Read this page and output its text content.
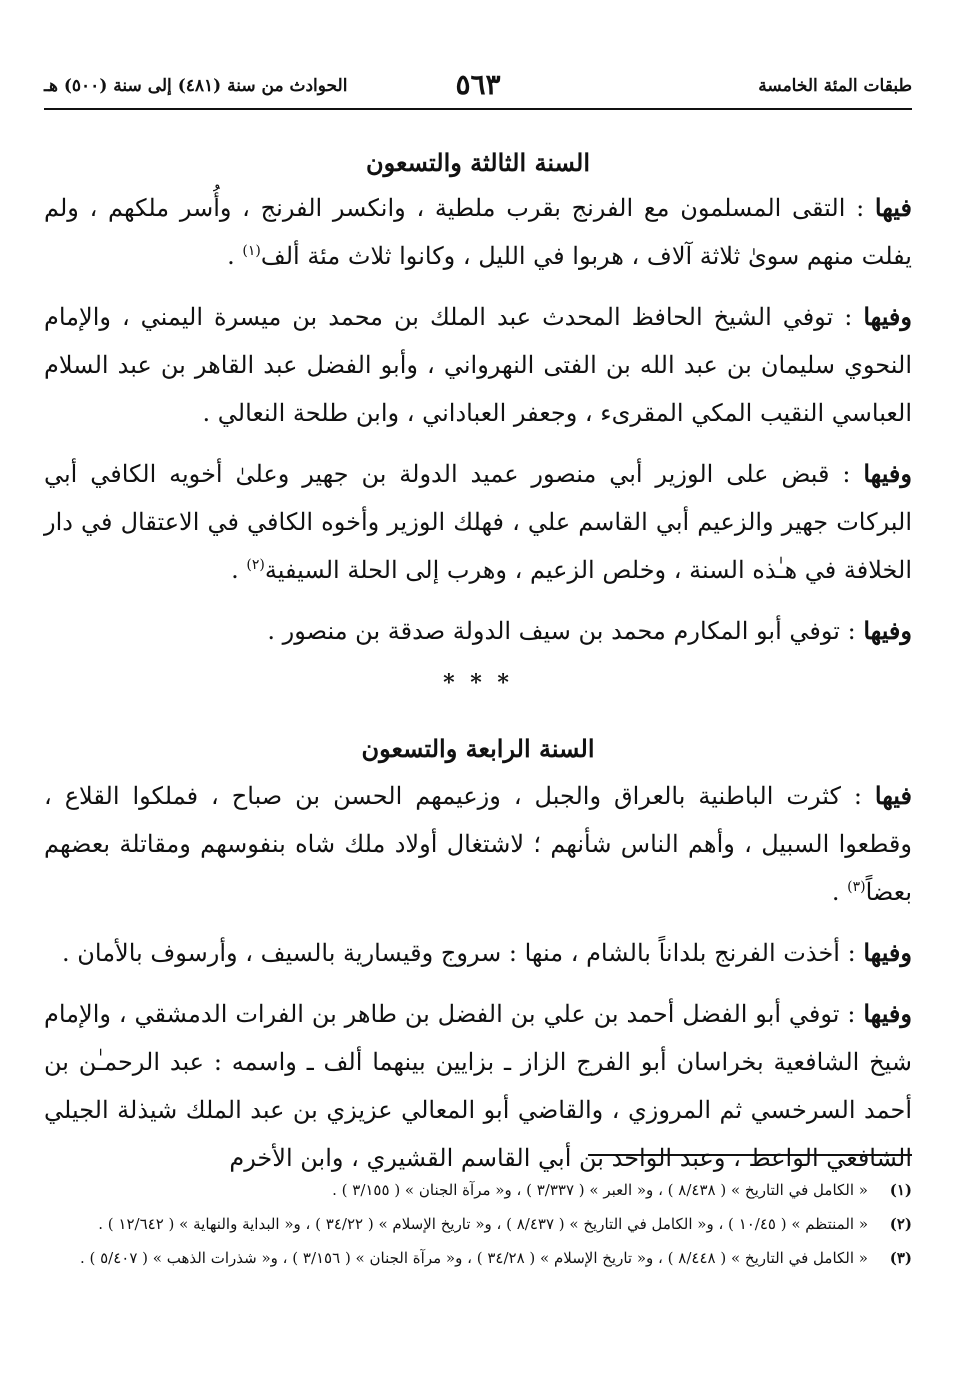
طبقات المئة الخامسة
٥٦٣
الحوادث من سنة (٤٨١) إلى سنة (٥٠٠) هـ
السنة الثالثة والتسعون

فيها : التقى المسلمون مع الفرنج بقرب ملطية ، وانكسر الفرنج ، وأُسر ملكهم ، ولم يفلت منهم سوىٰ ثلاثة آلاف ، هربوا في الليل ، وكانوا ثلاث مئة ألف$^{(١)}$ .

وفيها : توفي الشيخ الحافظ المحدث عبد الملك بن محمد بن ميسرة اليمني ، والإمام النحوي سليمان بن عبد الله بن الفتى النهرواني ، وأبو الفضل عبد القاهر بن عبد السلام العباسي النقيب المكي المقرىء ، وجعفر العباداني ، وابن طلحة النعالي .

وفيها : قبض على الوزير أبي منصور عميد الدولة بن جهير وعلىٰ أخويه الكافي أبي البركات جهير والزعيم أبي القاسم علي ، فهلك الوزير وأخوه الكافي في الاعتقال في دار الخلافة في هـٰذه السنة ، وخلص الزعيم ، وهرب إلى الحلة السيفية$^{(٢)}$ .

وفيها : توفي أبو المكارم محمد بن سيف الدولة صدقة بن منصور .

* * *
السنة الرابعة والتسعون

فيها : كثرت الباطنية بالعراق والجبل ، وزعيمهم الحسن بن صباح ، فملكوا القلاع ، وقطعوا السبيل ، وأهم الناس شأنهم ؛ لاشتغال أولاد ملك شاه بنفوسهم ومقاتلة بعضهم بعضاً$^{(٣)}$ .

وفيها : أخذت الفرنج بلداناً بالشام ، منها : سروج وقيسارية بالسيف ، وأرسوف بالأمان .

وفيها : توفي أبو الفضل أحمد بن علي بن الفضل بن طاهر بن الفرات الدمشقي ، والإمام شيخ الشافعية بخراسان أبو الفرج الزاز ـ بزايين بينهما ألف ـ واسمه : عبد الرحمـٰن بن أحمد السرخسي ثم المروزي ، والقاضي أبو المعالي عزيزي بن عبد الملك شيذلة الجيلي الشافعي الواعظ ، وعبد الواحد بن أبي القاسم القشيري ، وابن الأخرم

(١)
« الكامل في التاريخ » ( ٨/٤٣٨ ) ، و« العبر » ( ٣/٣٣٧ ) ، و« مرآة الجنان » ( ٣/١٥٥ ) .
(٢)
« المنتظم » ( ١٠/٤٥ ) ، و« الكامل في التاريخ » ( ٨/٤٣٧ ) ، و« تاريخ الإسلام » ( ٣٤/٢٢ ) ، و« البداية والنهاية » ( ١٢/٦٤٢ ) .
(٣)
« الكامل في التاريخ » ( ٨/٤٤٨ ) ، و« تاريخ الإسلام » ( ٣٤/٢٨ ) ، و« مرآة الجنان » ( ٣/١٥٦ ) ، و« شذرات الذهب » ( ٥/٤٠٧ ) .
